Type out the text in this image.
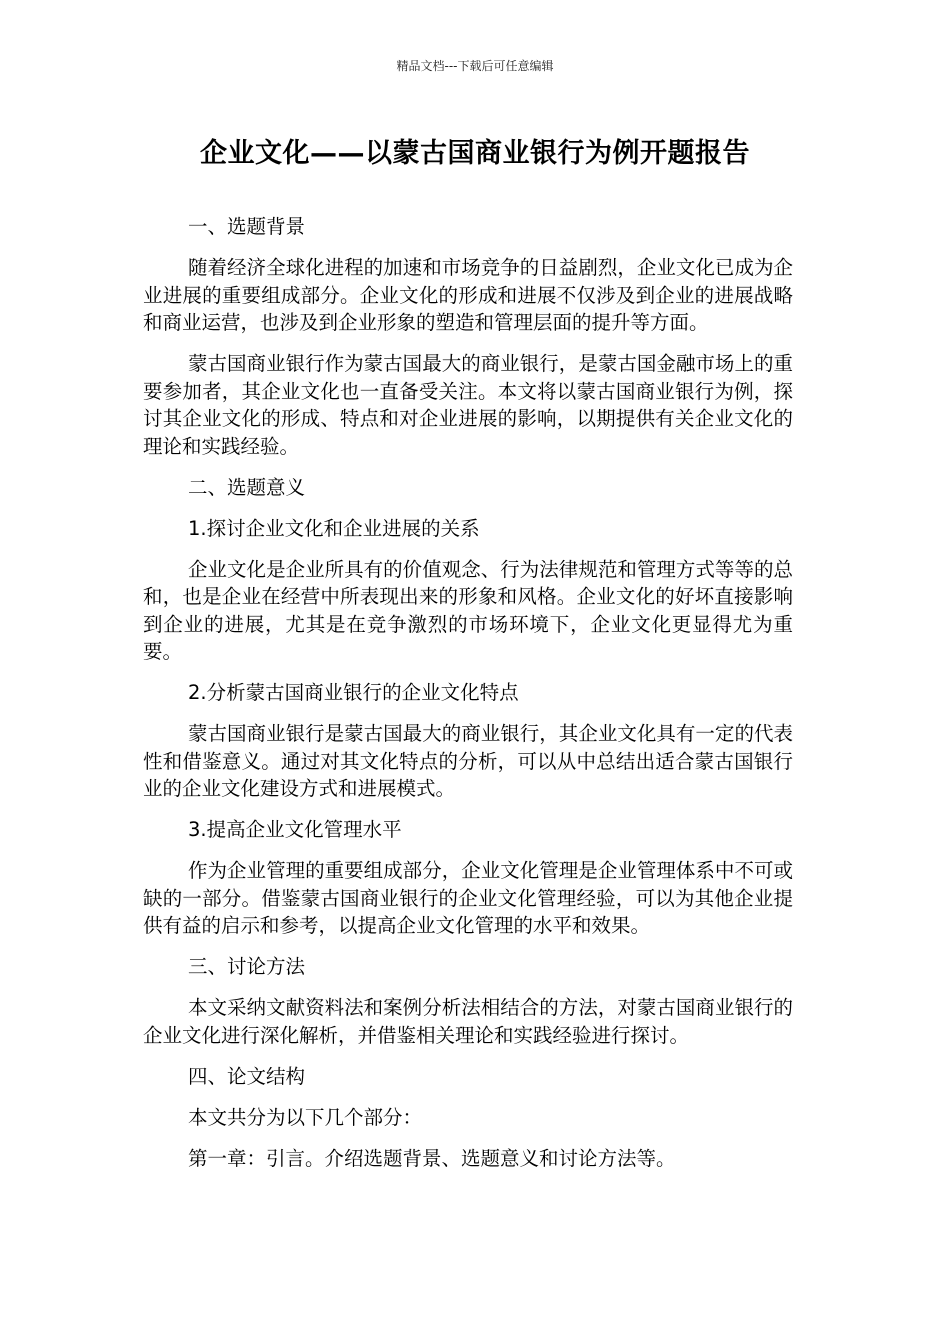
精品文档---下载后可任意编辑
企业文化——以蒙古国商业银行为例开题报告

一、选题背景

随着经济全球化进程的加速和市场竞争的日益剧烈，企业文化已成为企业进展的重要组成部分。企业文化的形成和进展不仅涉及到企业的进展战略和商业运营，也涉及到企业形象的塑造和管理层面的提升等方面。

蒙古国商业银行作为蒙古国最大的商业银行，是蒙古国金融市场上的重要参加者，其企业文化也一直备受关注。本文将以蒙古国商业银行为例，探讨其企业文化的形成、特点和对企业进展的影响，以期提供有关企业文化的理论和实践经验。

二、选题意义

1.探讨企业文化和企业进展的关系

企业文化是企业所具有的价值观念、行为法律规范和管理方式等等的总和，也是企业在经营中所表现出来的形象和风格。企业文化的好坏直接影响到企业的进展，尤其是在竞争激烈的市场环境下，企业文化更显得尤为重要。

2.分析蒙古国商业银行的企业文化特点

蒙古国商业银行是蒙古国最大的商业银行，其企业文化具有一定的代表性和借鉴意义。通过对其文化特点的分析，可以从中总结出适合蒙古国银行业的企业文化建设方式和进展模式。

3.提高企业文化管理水平

作为企业管理的重要组成部分，企业文化管理是企业管理体系中不可或缺的一部分。借鉴蒙古国商业银行的企业文化管理经验，可以为其他企业提供有益的启示和参考，以提高企业文化管理的水平和效果。

三、讨论方法

本文采纳文献资料法和案例分析法相结合的方法，对蒙古国商业银行的企业文化进行深化解析，并借鉴相关理论和实践经验进行探讨。

四、论文结构

本文共分为以下几个部分：

第一章：引言。介绍选题背景、选题意义和讨论方法等。
